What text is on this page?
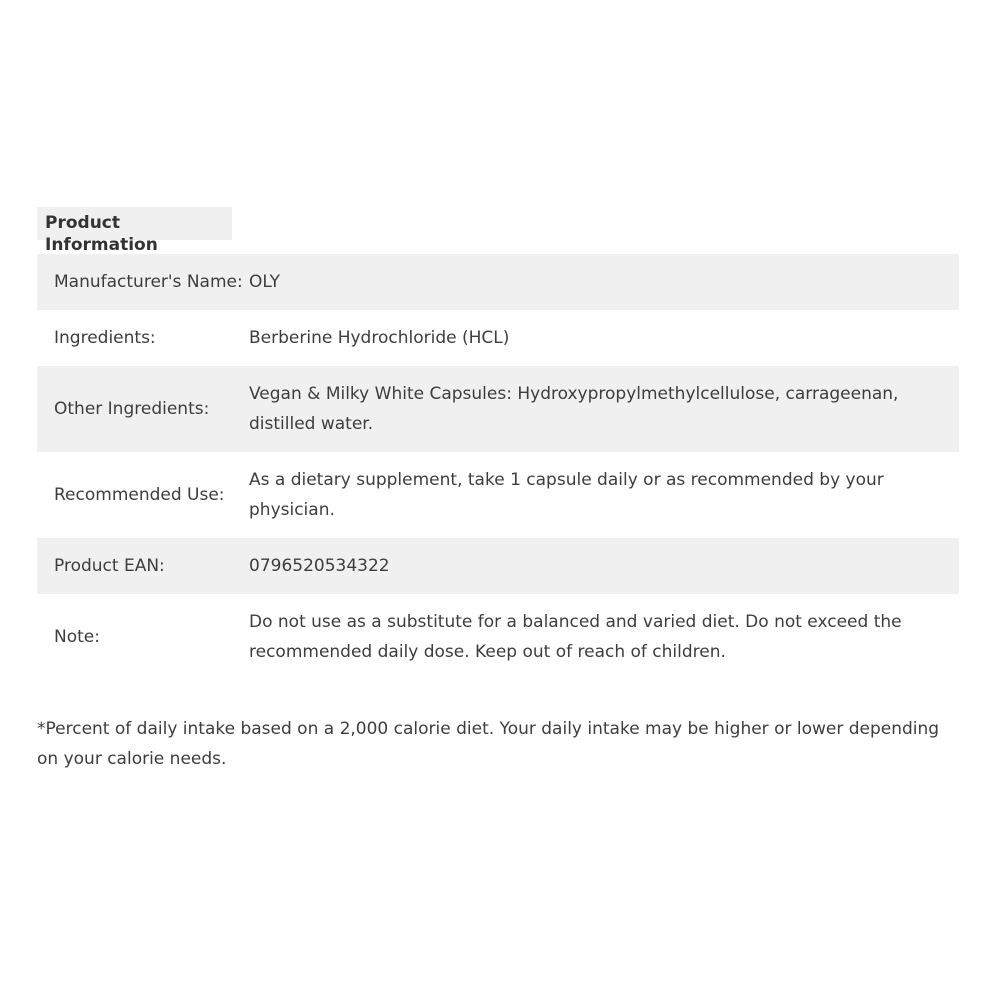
Product Information
Manufacturer's Name:	OLY
Ingredients:	Berberine Hydrochloride (HCL)
Other Ingredients:	Vegan & Milky White Capsules: Hydroxypropylmethylcellulose, carrageenan, distilled water.
Recommended Use:	As a dietary supplement, take 1 capsule daily or as recommended by your physician.
Product EAN:	0796520534322
Note:	Do not use as a substitute for a balanced and varied diet. Do not exceed the recommended daily dose. Keep out of reach of children.

*Percent of daily intake based on a 2,000 calorie diet. Your daily intake may be higher or lower depending on your calorie needs.
